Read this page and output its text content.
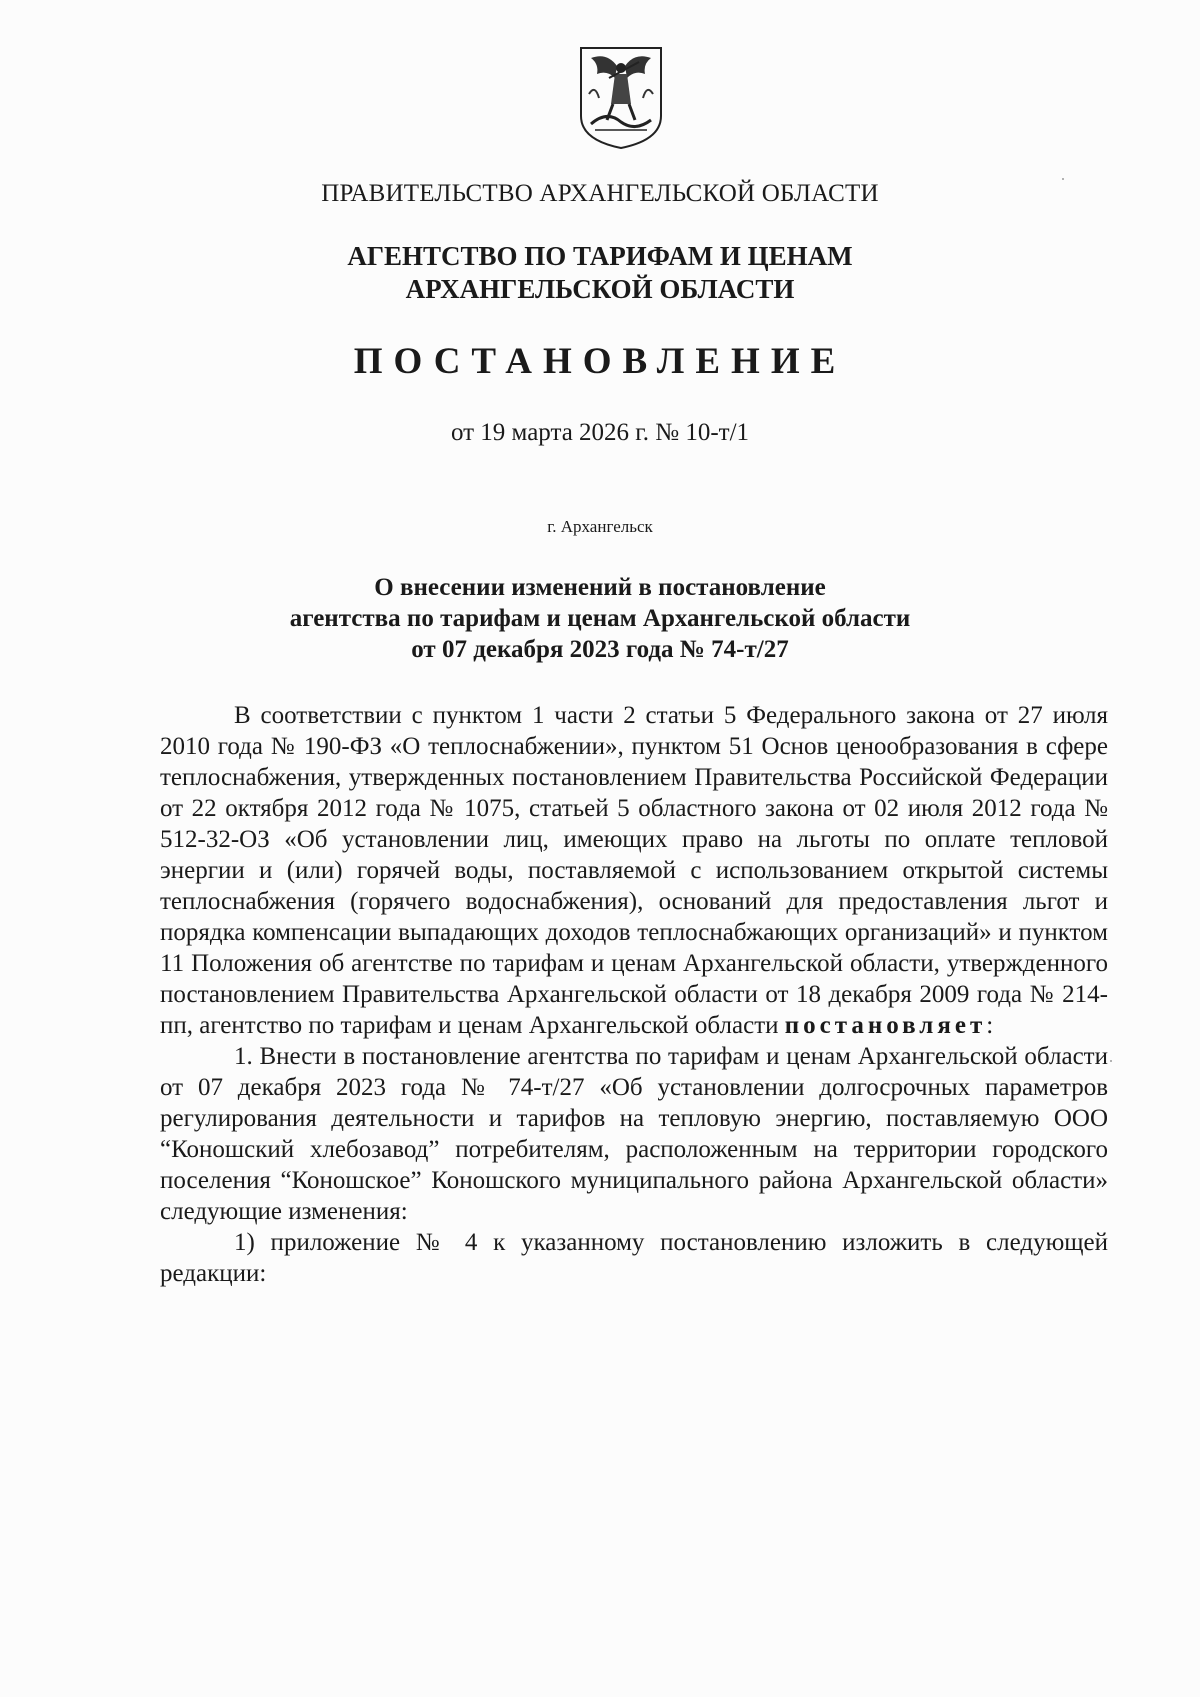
ПРАВИТЕЛЬСТВО АРХАНГЕЛЬСКОЙ ОБЛАСТИ
АГЕНТСТВО ПО ТАРИФАМ И ЦЕНАМ
АРХАНГЕЛЬСКОЙ ОБЛАСТИ
ПОСТАНОВЛЕНИЕ
от 19 марта 2026 г. № 10-т/1
г. Архангельск
О внесении изменений в постановление
агентства по тарифам и ценам Архангельской области
от 07 декабря 2023 года № 74-т/27

В соответствии с пунктом 1 части 2 статьи 5 Федерального закона от 27 июля 2010 года № 190-ФЗ «О теплоснабжении», пунктом 51 Основ ценообразования в сфере теплоснабжения, утвержденных постановлением Правительства Российской Федерации от 22 октября 2012 года № 1075, статьей 5 областного закона от 02 июля 2012 года № 512-32-ОЗ «Об установлении лиц, имеющих право на льготы по оплате тепловой энергии и (или) горячей воды, поставляемой с использованием открытой системы теплоснабжения (горячего водоснабжения), оснований для предоставления льгот и порядка компенсации выпадающих доходов теплоснабжающих организаций» и пунктом 11 Положения об агентстве по тарифам и ценам Архангельской области, утвержденного постановлением Правительства Архангельской области от 18 декабря 2009 года № 214-пп, агентство по тарифам и ценам Архангельской области постановляет:

1. Внести в постановление агентства по тарифам и ценам Архангельской области от 07 декабря 2023 года № 74-т/27 «Об установлении долгосрочных параметров регулирования деятельности и тарифов на тепловую энергию, поставляемую ООО “Коношский хлебозавод” потребителям, расположенным на территории городского поселения “Коношское” Коношского муниципального района Архангельской области» следующие изменения:

1) приложение № 4 к указанному постановлению изложить в следующей редакции:
